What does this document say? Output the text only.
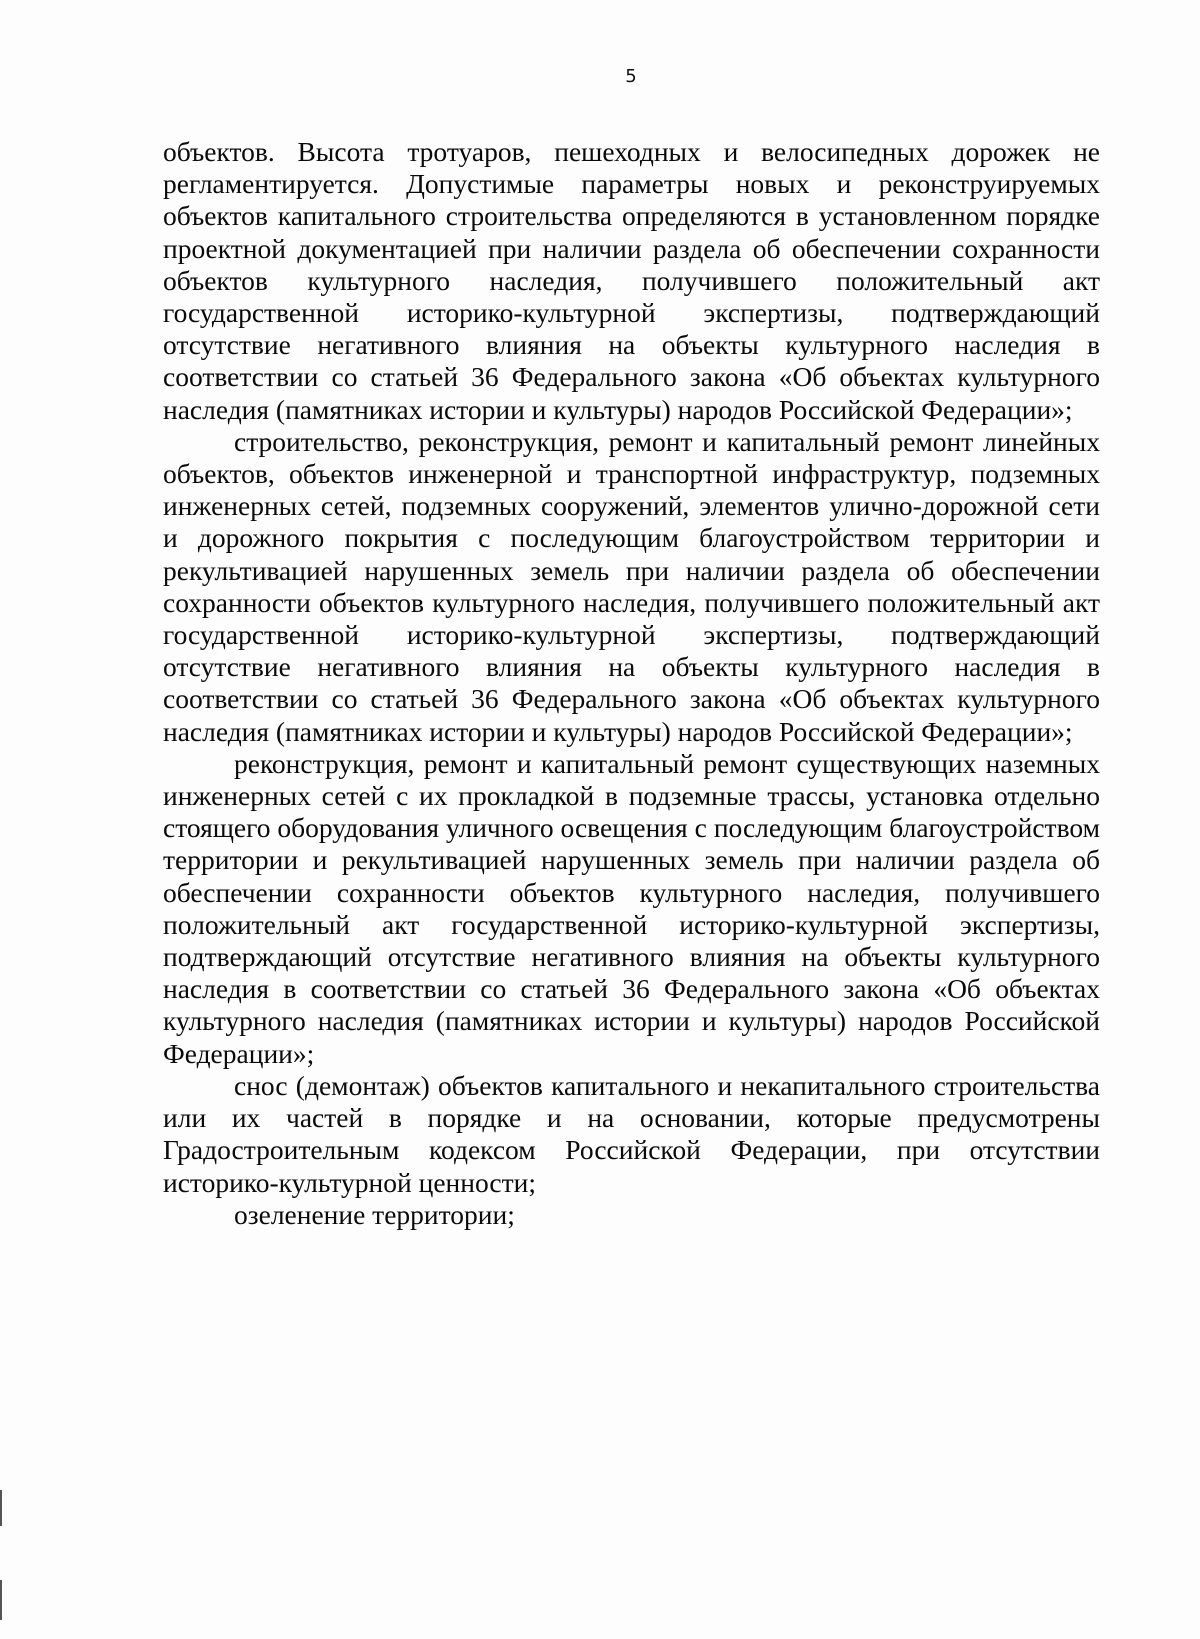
5

объектов. Высота тротуаров, пешеходных и велосипедных дорожек не регламентируется. Допустимые параметры новых и реконструируемых объектов капитального строительства определяются в установленном порядке проектной документацией при наличии раздела об обеспечении сохранности объектов культурного наследия, получившего положительный акт государственной историко-культурной экспертизы, подтверждающий отсутствие негативного влияния на объекты культурного наследия в соответствии со статьей 36 Федерального закона «Об объектах культурного наследия (памятниках истории и культуры) народов Российской Федерации»;

строительство, реконструкция, ремонт и капитальный ремонт линейных объектов, объектов инженерной и транспортной инфраструктур, подземных инженерных сетей, подземных сооружений, элементов улично-дорожной сети и дорожного покрытия с последующим благоустройством территории и рекультивацией нарушенных земель при наличии раздела об обеспечении сохранности объектов культурного наследия, получившего положительный акт государственной историко-культурной экспертизы, подтверждающий отсутствие негативного влияния на объекты культурного наследия в соответствии со статьей 36 Федерального закона «Об объектах культурного наследия (памятниках истории и культуры) народов Российской Федерации»;

реконструкция, ремонт и капитальный ремонт существующих наземных инженерных сетей с их прокладкой в подземные трассы, установка отдельно стоящего оборудования уличного освещения с последующим благоустройством территории и рекультивацией нарушенных земель при наличии раздела об обеспечении сохранности объектов культурного наследия, получившего положительный акт государственной историко-культурной экспертизы, подтверждающий отсутствие негативного влияния на объекты культурного наследия в соответствии со статьей 36 Федерального закона «Об объектах культурного наследия (памятниках истории и культуры) народов Российской Федерации»;

снос (демонтаж) объектов капитального и некапитального строительства или их частей в порядке и на основании, которые предусмотрены Градостроительным кодексом Российской Федерации, при отсутствии историко-культурной ценности;

озеленение территории;
